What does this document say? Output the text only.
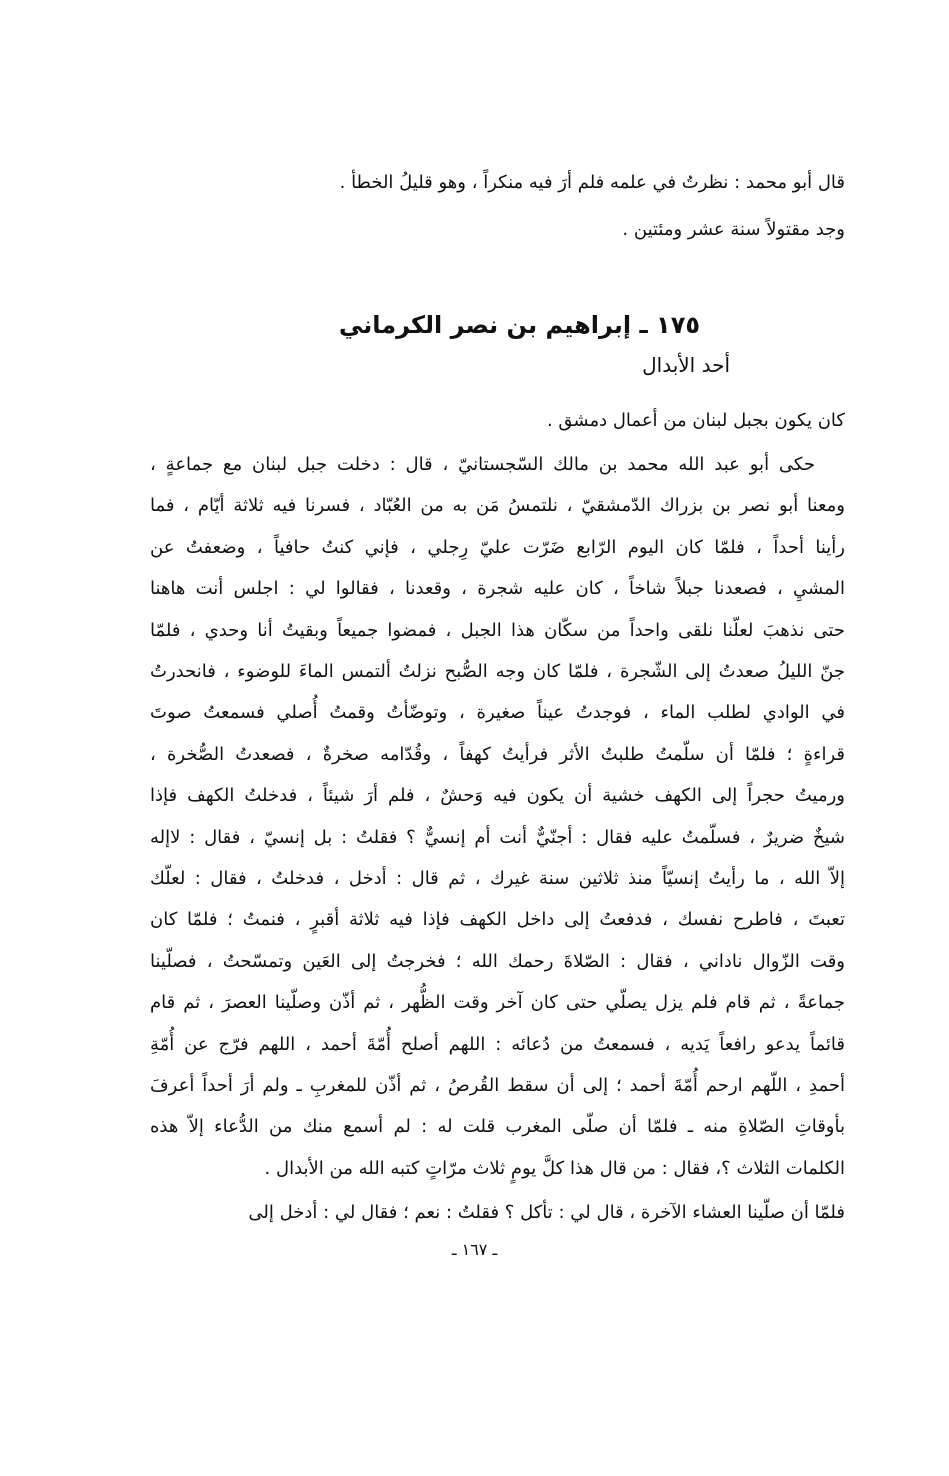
قال أبو محمد : نظرتُ في علمه فلم أرَ فيه منكراً ، وهو قليلُ الخطأ .
وجد مقتولاً سنة عشر ومئتين .
١٧٥ ـ إبراهيم بن نصر الكرماني
أحد الأبدال
كان يكون بجبل لبنان من أعمال دمشق .
حكى أبو عبد الله محمد بن مالك السّجستانيّ ، قال : دخلت جبل لبنان مع جماعةٍ ،
ومعنا أبو نصر بن بزراك الدّمشقيّ ، نلتمسُ مَن به من العُبّاد ، فسرنا فيه ثلاثة أيّام ، فما
رأينا أحداً ، فلمّا كان اليوم الرّابع ضَرّت عليّ رِجلي ، فإني كنتُ حافياً ، وضعفتُ عن
المشيِ ، فصعدنا جبلاً شاخاً ، كان عليه شجرة ، وقعدنا ، فقالوا لي : اجلس أنت هاهنا
حتى نذهبَ لعلّنا نلقى واحداً من سكّان هذا الجبل ، فمضوا جميعاً وبقيتُ أنا وحدي ، فلمّا
جنّ الليلُ صعدتُ إلى الشّجرة ، فلمّا كان وجه الصُّبح نزلتُ ألتمس الماءَ للوضوء ، فانحدرتُ
في الوادي لطلب الماء ، فوجدتُ عيناً صغيرة ، وتوضّأتُ وقمتُ أُصلي فسمعتُ صوتَ
قراءةٍ ؛ فلمّا أن سلّمتُ طلبتُ الأثر فرأيتُ كهفاً ، وقُدّامه صخرةٌ ، فصعدتُ الصُّخرة ،
ورميتُ حجراً إلى الكهف خشية أن يكون فيه وَحشٌ ، فلم أرَ شيئاً ، فدخلتُ الكهف فإذا
شيخٌ ضريرٌ ، فسلّمتُ عليه فقال : أجنّيٌّ أنت أم إنسيٌّ ؟ فقلتُ : بل إنسيّ ، فقال : لاإله
إلاّ الله ، ما رأيتُ إنسيّاً منذ ثلاثين سنة غيرك ، ثم قال : أدخل ، فدخلتُ ، فقال : لعلّك
تعبتَ ، فاطرح نفسك ، فدفعتُ إلى داخل الكهف فإذا فيه ثلاثة أقبرٍ ، فنمتُ ؛ فلمّا كان
وقت الزّوال ناداني ، فقال : الصّلاةَ رحمك الله ؛ فخرجتُ إلى العَين وتمسّحتُ ، فصلّينا
جماعةً ، ثم قام فلم يزل يصلّي حتى كان آخر وقت الظُّهر ، ثم أذّن وصلّينا العصرَ ، ثم قام
قائماً يدعو رافعاً يَديه ، فسمعتُ من دُعائه : اللهم أصلح أُمّةَ أحمد ، اللهم فرّج عن أُمّةِ
أحمدِ ، اللّهم ارحم أُمّةَ أحمد ؛ إلى أن سقط القُرصُ ، ثم أذّن للمغربِ ـ ولم أرَ أحداً أعرفَ
بأوقاتِ الصّلاةِ منه ـ فلمّا أن صلّى المغرب قلت له : لم أسمع منك من الدُّعاء إلاّ هذه
الكلمات الثلاث ؟، فقال : من قال هذا كلَّ يومٍ ثلاث مرّاتٍ كتبه الله من الأبدال .
فلمّا أن صلّينا العشاء الآخرة ، قال لي : تأكل ؟ فقلتُ : نعم ؛ فقال لي : أدخل إلى
ـ ١٦٧ ـ
